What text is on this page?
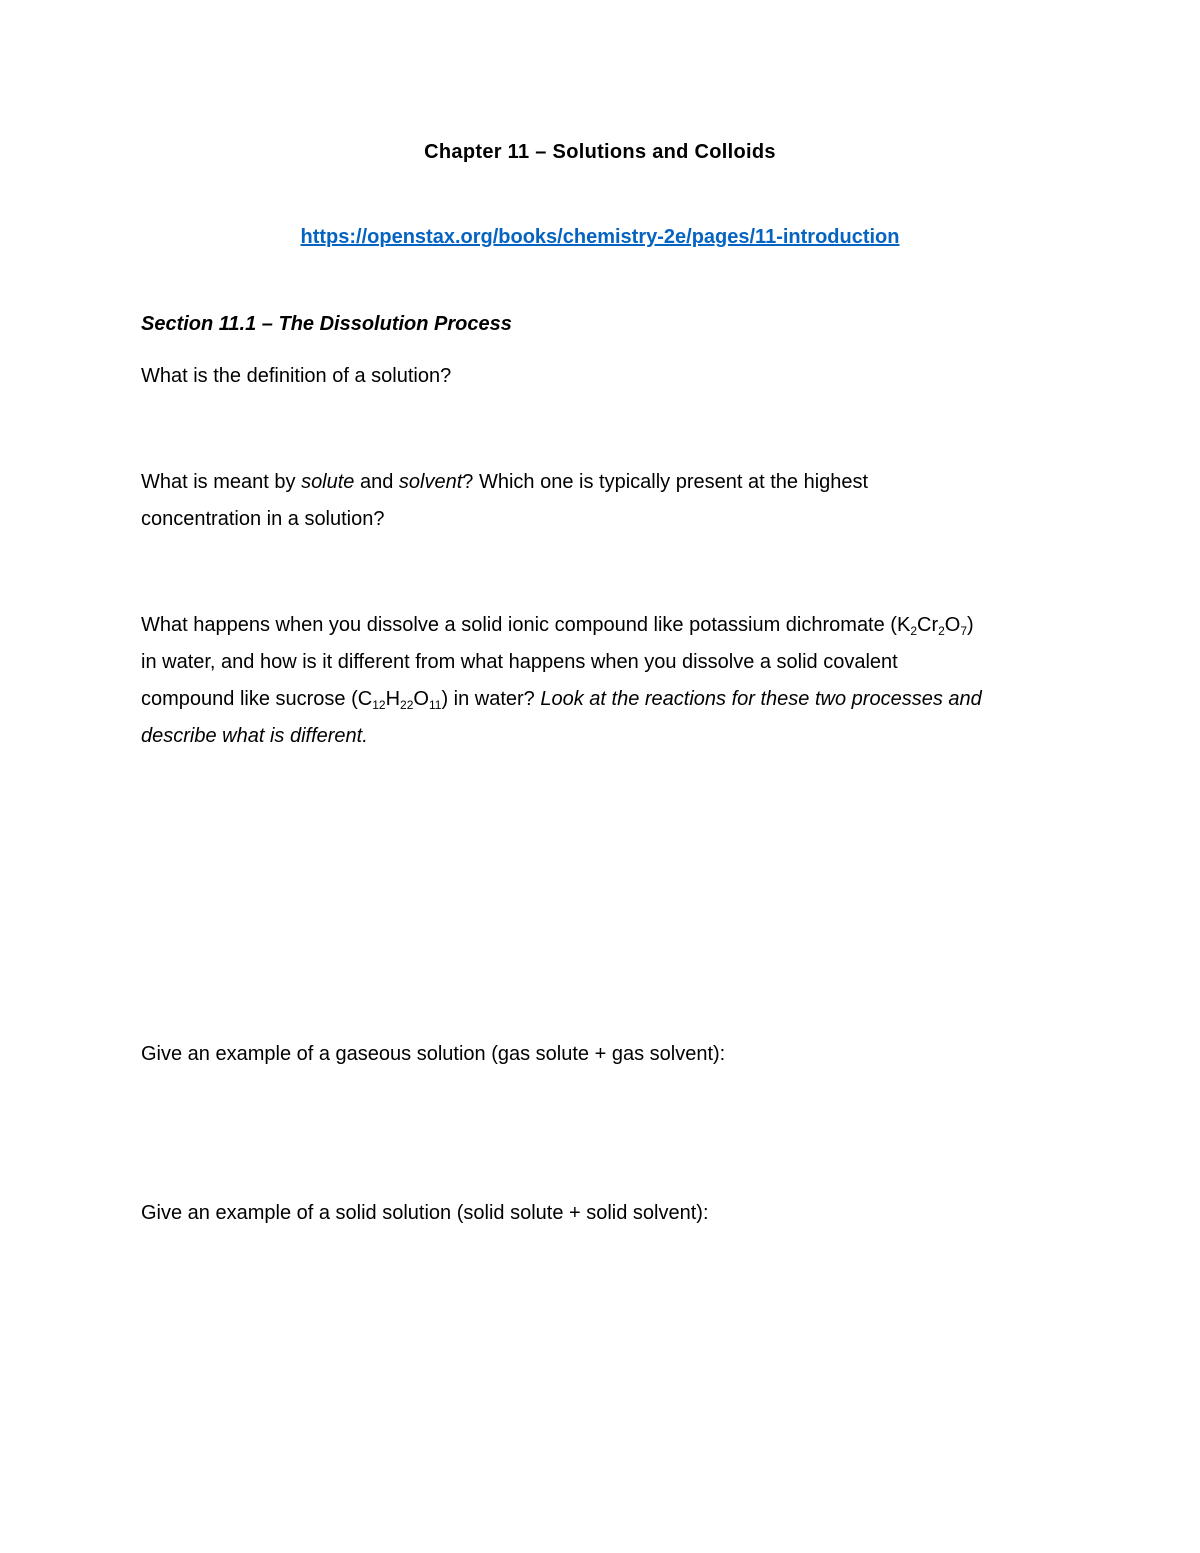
Chapter 11 – Solutions and Colloids
https://openstax.org/books/chemistry-2e/pages/11-introduction
Section 11.1 – The Dissolution Process
What is the definition of a solution?
What is meant by solute and solvent? Which one is typically present at the highest
concentration in a solution?
What happens when you dissolve a solid ionic compound like potassium dichromate $(K_2Cr_2O_7)$
in water, and how is it different from what happens when you dissolve a solid covalent
compound like sucrose $(C_{12}H_{22}O_{11})$ in water? Look at the reactions for these two processes and
describe what is different.
Give an example of a gaseous solution (gas solute + gas solvent):
Give an example of a solid solution (solid solute + solid solvent):
